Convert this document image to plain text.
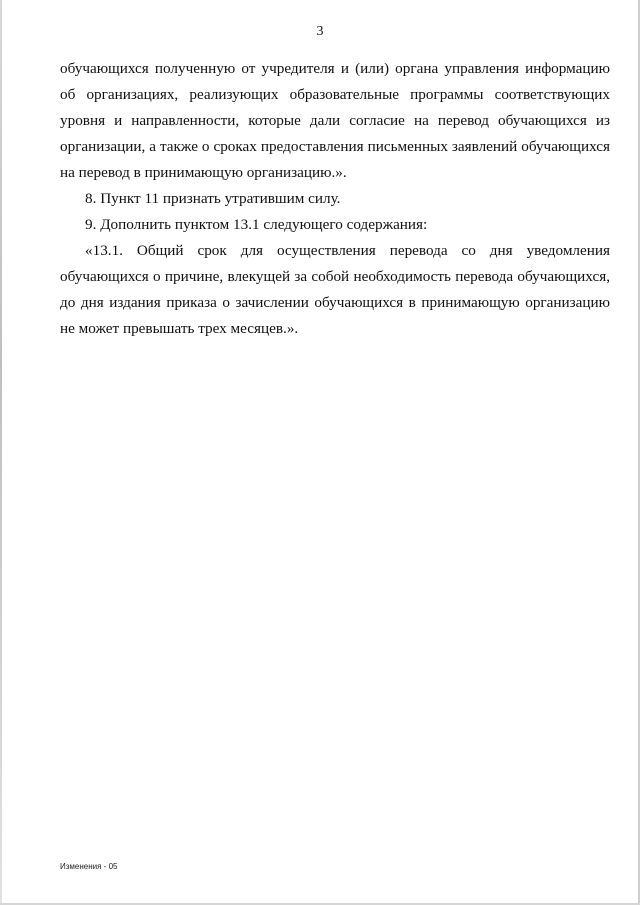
3

обучающихся полученную от учредителя и (или) органа управления информацию об организациях, реализующих образовательные программы соответствующих уровня и направленности, которые дали согласие на перевод обучающихся из организации, а также о сроках предоставления письменных заявлений обучающихся на перевод в принимающую организацию.».

8. Пункт 11 признать утратившим силу.

9. Дополнить пунктом 13.1 следующего содержания:

«13.1. Общий срок для осуществления перевода со дня уведомления обучающихся о причине, влекущей за собой необходимость перевода обучающихся, до дня издания приказа о зачислении обучающихся в принимающую организацию не может превышать трех месяцев.».

Изменения - 05
